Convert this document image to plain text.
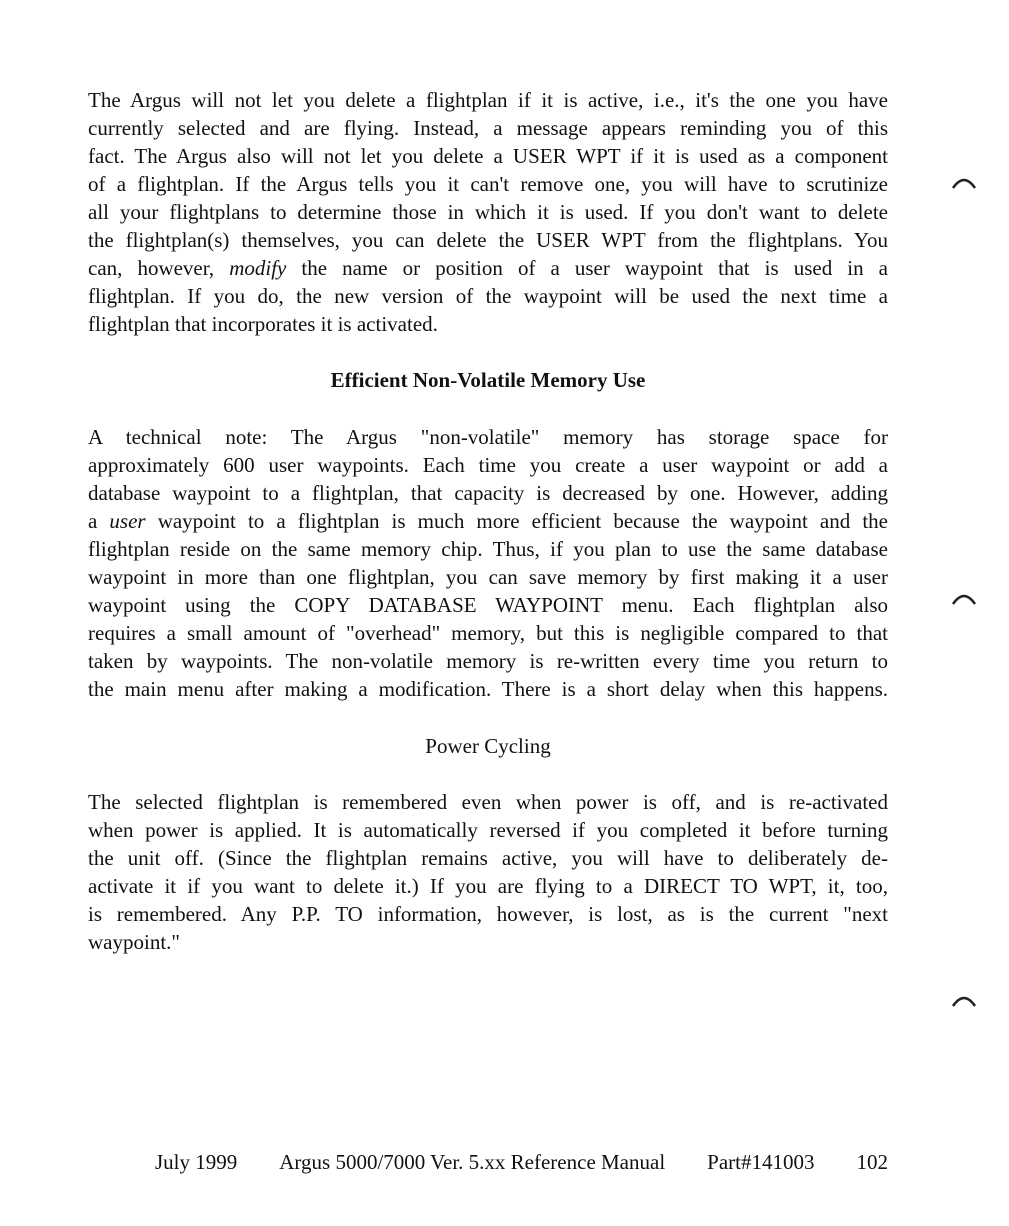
The Argus will not let you delete a flightplan if it is active, i.e., it's the one you have
currently selected and are flying. Instead, a message appears reminding you of this
fact. The Argus also will not let you delete a USER WPT if it is used as a component
of a flightplan. If the Argus tells you it can't remove one, you will have to scrutinize
all your flightplans to determine those in which it is used. If you don't want to delete
the flightplan(s) themselves, you can delete the USER WPT from the flightplans. You
can, however, modify the name or position of a user waypoint that is used in a
flightplan. If you do, the new version of the waypoint will be used the next time a
flightplan that incorporates it is activated.
Efficient Non-Volatile Memory Use
A technical note: The Argus "non-volatile" memory has storage space for
approximately 600 user waypoints. Each time you create a user waypoint or add a
database waypoint to a flightplan, that capacity is decreased by one. However, adding
a user waypoint to a flightplan is much more efficient because the waypoint and the
flightplan reside on the same memory chip. Thus, if you plan to use the same database
waypoint in more than one flightplan, you can save memory by first making it a user
waypoint using the COPY DATABASE WAYPOINT menu. Each flightplan also
requires a small amount of "overhead" memory, but this is negligible compared to that
taken by waypoints. The non-volatile memory is re-written every time you return to
the main menu after making a modification. There is a short delay when this happens.
Power Cycling
The selected flightplan is remembered even when power is off, and is re-activated
when power is applied. It is automatically reversed if you completed it before turning
the unit off. (Since the flightplan remains active, you will have to deliberately de-
activate it if you want to delete it.) If you are flying to a DIRECT TO WPT, it, too,
is remembered. Any P.P. TO information, however, is lost, as is the current "next
waypoint."
July 1999 Argus 5000/7000 Ver. 5.xx Reference Manual Part#141003 102
